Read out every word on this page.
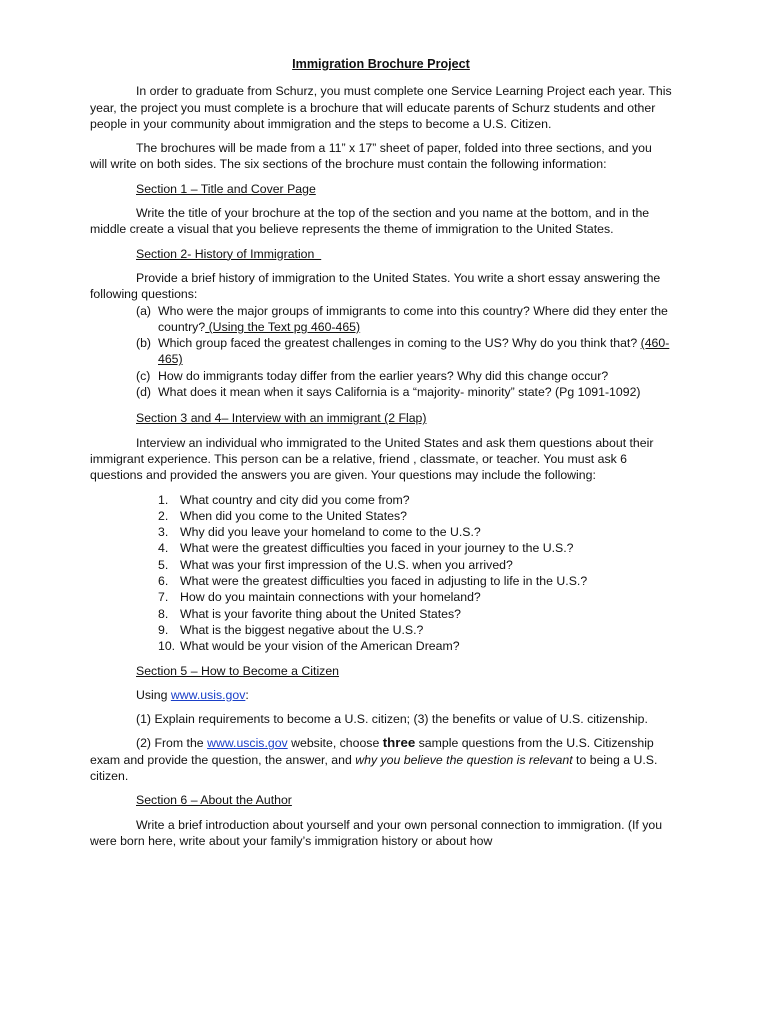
Immigration Brochure Project

In order to graduate from Schurz, you must complete one Service Learning Project each year. This year, the project you must complete is a brochure that will educate parents of Schurz students and other people in your community about immigration and the steps to become a U.S. Citizen.

The brochures will be made from a 11” x 17” sheet of paper, folded into three sections, and you will write on both sides. The six sections of the brochure must contain the following information:

Section 1 – Title and Cover Page

Write the title of your brochure at the top of the section and you name at the bottom, and in the middle create a visual that you believe represents the theme of immigration to the United States.

Section 2- History of Immigration

Provide a brief history of immigration to the United States. You write a short essay answering the following questions:

(a) Who were the major groups of immigrants to come into this country? Where did they enter the country? (Using the Text pg 460-465)
(b) Which group faced the greatest challenges in coming to the US? Why do you think that? (460-465)
(c) How do immigrants today differ from the earlier years? Why did this change occur?
(d) What does it mean when it says California is a “majority- minority” state? (Pg 1091-1092)
Section 3 and 4– Interview with an immigrant (2 Flap)

Interview an individual who immigrated to the United States and ask them questions about their immigrant experience. This person can be a relative, friend , classmate, or teacher. You must ask 6 questions and provided the answers you are given. Your questions may include the following:

1. What country and city did you come from?
2. When did you come to the United States?
3. Why did you leave your homeland to come to the U.S.?
4. What were the greatest difficulties you faced in your journey to the U.S.?
5. What was your first impression of the U.S. when you arrived?
6. What were the greatest difficulties you faced in adjusting to life in the U.S.?
7. How do you maintain connections with your homeland?
8. What is your favorite thing about the United States?
9. What is the biggest negative about the U.S.?
10. What would be your vision of the American Dream?
Section 5 – How to Become a Citizen

Using www.usis.gov:

(1) Explain requirements to become a U.S. citizen; (3) the benefits or value of U.S. citizenship.

(2) From the www.uscis.gov website, choose three sample questions from the U.S. Citizenship exam and provide the question, the answer, and why you believe the question is relevant to being a U.S. citizen.

Section 6 – About the Author

Write a brief introduction about yourself and your own personal connection to immigration. (If you were born here, write about your family’s immigration history or about how
